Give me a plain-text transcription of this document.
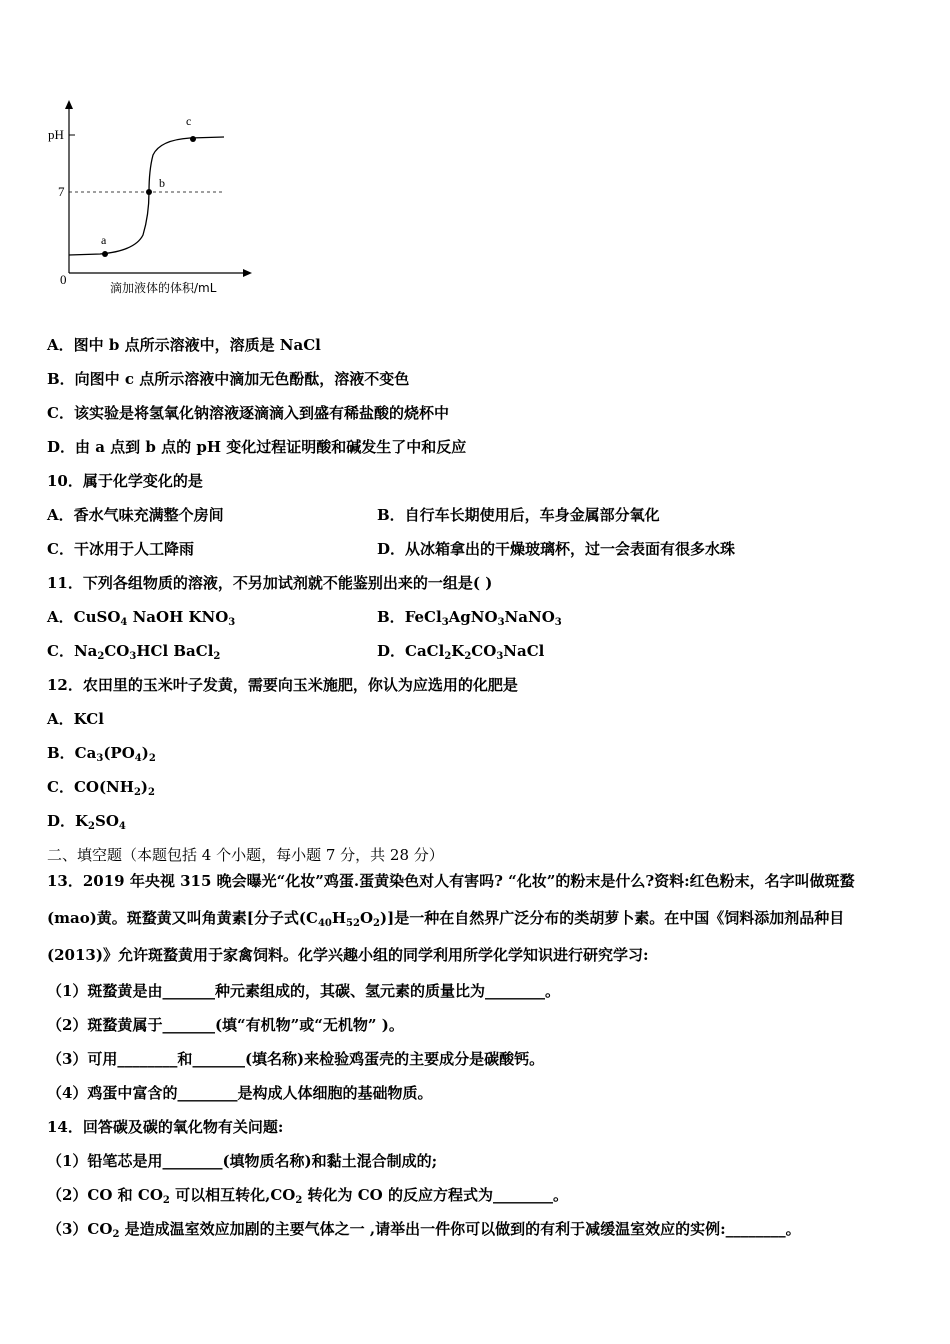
pH
7
0
a
b
c
滴加液体的体积/mL
A．图中 b 点所示溶液中，溶质是 NaCl
B．向图中 c 点所示溶液中滴加无色酚酞，溶液不变色
C．该实验是将氢氧化钠溶液逐滴滴入到盛有稀盐酸的烧杯中
D．由 a 点到 b 点的 pH 变化过程证明酸和碱发生了中和反应
10．属于化学变化的是
A．香水气味充满整个房间	B．自行车长期使用后，车身金属部分氧化
C．干冰用于人工降雨	D．从冰箱拿出的干燥玻璃杯，过一会表面有很多水珠
11．下列各组物质的溶液，不另加试剂就不能鉴别出来的一组是( )
A．CuSO$_4$ NaOH $KNO_3$	B．FeCl$_3$AgNO$_3$NaNO$_3$
C．$Na_2CO_3HCl$ BaCl$_2$	D．$CaCl_2K_2CO_3NaCl$
12．农田里的玉米叶子发黄，需要向玉米施肥，你认为应选用的化肥是
A．KCl
B．$Ca_3(PO_4)_2$
C．$CO(NH_2)_2$
D．$K_2SO_4$
二、填空题（本题包括 4 个小题，每小题 7 分，共 28 分）
13．2019 年央视 315 晚会曝光“化妆”鸡蛋.蛋黄染色对人有害吗? “化妆”的粉末是什么?资料:红色粉末，名字叫做斑蝥
(mao)黄。斑蝥黄又叫角黄素[分子式$(C_{40}H_{52}O_2)$]是一种在自然界广泛分布的类胡萝卜素。在中国《饲料添加剂品种目
(2013)》允许斑蝥黄用于家禽饲料。化学兴趣小组的同学利用所学化学知识进行研究学习:
（1）斑蝥黄是由_______种元素组成的，其碳、氢元素的质量比为________。
（2）斑蝥黄属于_______(填“有机物”或“无机物” )。
（3）可用________和_______(填名称)来检验鸡蛋壳的主要成分是碳酸钙。
（4）鸡蛋中富含的________是构成人体细胞的基础物质。
14．回答碳及碳的氧化物有关问题:
（1）铅笔芯是用________(填物质名称)和黏土混合制成的;
（2）CO 和 $CO_2$ 可以相互转化$,CO_2$ 转化为 CO 的反应方程式为________。
$(3)CO_2$ 是造成温室效应加剧的主要气体之一 ,请举出一件你可以做到的有利于减缓温室效应的实例:________。
